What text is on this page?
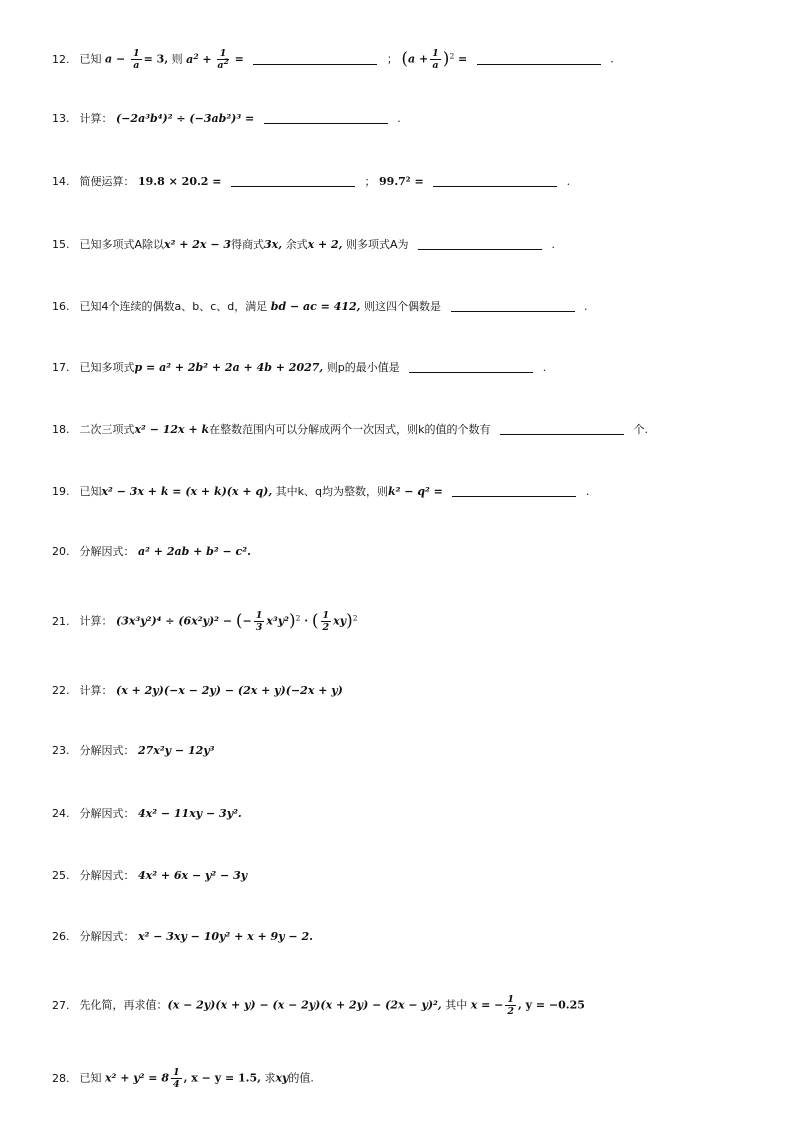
12. 已知 $a - \frac{1}{a} = 3$, 则 $a^2 + \frac{1}{a^2}$ =	； $(a + \frac{1}{a} )^2$ =	.
13. 计算： (−2a³b⁴)² ÷ (−3ab²)³ =	.
14. 简便运算： 19.8 × 20.2 =	； 99.7² =	.
15. 已知多项式A除以x² + 2x − 3得商式3x, 余式x + 2, 则多项式A为	.
16. 已知4个连续的偶数a、b、c、d，满足 bd − ac = 412, 则这四个偶数是	.
17. 已知多项式p = a² + 2b² + 2a + 4b + 2027, 则p的最小值是	.
18. 二次三项式x² − 12x + k在整数范围内可以分解成两个一次因式，则k的值的个数有	个.
19. 已知x² − 3x + k = (x + k)(x + q), 其中k、q均为整数，则k² − q² =	.
20. 分解因式： a² + 2ab + b² − c².
21. 计算： (3x³y²)⁴ ÷ (6x²y)² − (− $\frac{1}{3} x^3y^2)^2$ · ( $\frac{1}{2} xy)^2$
22. 计算： (x + 2y)(−x − 2y) − (2x + y)(−2x + y)
23. 分解因式： 27x²y − 12y³
24. 分解因式： 4x² − 11xy − 3y².
25. 分解因式： 4x² + 6x − y² − 3y
26. 分解因式： x² − 3xy − 10y² + x + 9y − 2.
27. 先化简，再求值：(x − 2y)(x + y) − (x − 2y)(x + 2y) − (2x − y)², 其中 x = − $\frac{1}{2}$ , y = −0.25
28. 已知 $x^2 + y^2 = 8 \frac{1}{4}$ , x − y = 1.5, 求xy的值.
